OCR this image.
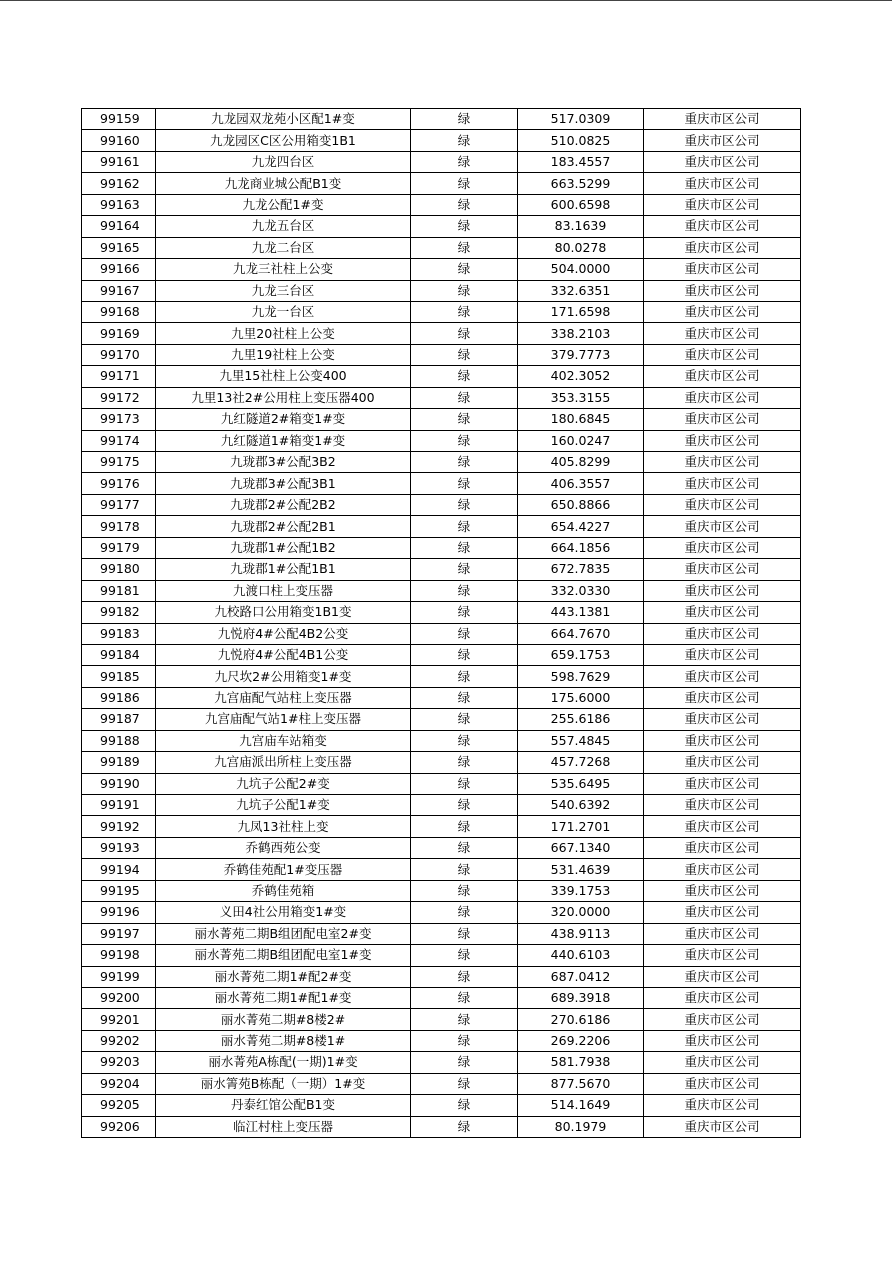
99159	九龙园双龙苑小区配1#变	绿	517.0309	重庆市区公司
99160	九龙园区C区公用箱变1B1	绿	510.0825	重庆市区公司
99161	九龙四台区	绿	183.4557	重庆市区公司
99162	九龙商业城公配B1变	绿	663.5299	重庆市区公司
99163	九龙公配1#变	绿	600.6598	重庆市区公司
99164	九龙五台区	绿	83.1639	重庆市区公司
99165	九龙二台区	绿	80.0278	重庆市区公司
99166	九龙三社柱上公变	绿	504.0000	重庆市区公司
99167	九龙三台区	绿	332.6351	重庆市区公司
99168	九龙一台区	绿	171.6598	重庆市区公司
99169	九里20社柱上公变	绿	338.2103	重庆市区公司
99170	九里19社柱上公变	绿	379.7773	重庆市区公司
99171	九里15社柱上公变400	绿	402.3052	重庆市区公司
99172	九里13社2#公用柱上变压器400	绿	353.3155	重庆市区公司
99173	九红隧道2#箱变1#变	绿	180.6845	重庆市区公司
99174	九红隧道1#箱变1#变	绿	160.0247	重庆市区公司
99175	九珑郡3#公配3B2	绿	405.8299	重庆市区公司
99176	九珑郡3#公配3B1	绿	406.3557	重庆市区公司
99177	九珑郡2#公配2B2	绿	650.8866	重庆市区公司
99178	九珑郡2#公配2B1	绿	654.4227	重庆市区公司
99179	九珑郡1#公配1B2	绿	664.1856	重庆市区公司
99180	九珑郡1#公配1B1	绿	672.7835	重庆市区公司
99181	九渡口柱上变压器	绿	332.0330	重庆市区公司
99182	九校路口公用箱变1B1变	绿	443.1381	重庆市区公司
99183	九悦府4#公配4B2公变	绿	664.7670	重庆市区公司
99184	九悦府4#公配4B1公变	绿	659.1753	重庆市区公司
99185	九尺坎2#公用箱变1#变	绿	598.7629	重庆市区公司
99186	九宫庙配气站柱上变压器	绿	175.6000	重庆市区公司
99187	九宫庙配气站1#柱上变压器	绿	255.6186	重庆市区公司
99188	九宫庙车站箱变	绿	557.4845	重庆市区公司
99189	九宫庙派出所柱上变压器	绿	457.7268	重庆市区公司
99190	九坑子公配2#变	绿	535.6495	重庆市区公司
99191	九坑子公配1#变	绿	540.6392	重庆市区公司
99192	九凤13社柱上变	绿	171.2701	重庆市区公司
99193	乔鹤西苑公变	绿	667.1340	重庆市区公司
99194	乔鹤佳苑配1#变压器	绿	531.4639	重庆市区公司
99195	乔鹤佳苑箱	绿	339.1753	重庆市区公司
99196	义田4社公用箱变1#变	绿	320.0000	重庆市区公司
99197	丽水菁苑二期B组团配电室2#变	绿	438.9113	重庆市区公司
99198	丽水菁苑二期B组团配电室1#变	绿	440.6103	重庆市区公司
99199	丽水菁苑二期1#配2#变	绿	687.0412	重庆市区公司
99200	丽水菁苑二期1#配1#变	绿	689.3918	重庆市区公司
99201	丽水菁苑二期#8楼2#	绿	270.6186	重庆市区公司
99202	丽水菁苑二期#8楼1#	绿	269.2206	重庆市区公司
99203	丽水菁苑A栋配(一期)1#变	绿	581.7938	重庆市区公司
99204	丽水箐苑B栋配（一期）1#变	绿	877.5670	重庆市区公司
99205	丹泰红馆公配B1变	绿	514.1649	重庆市区公司
99206	临江村柱上变压器	绿	80.1979	重庆市区公司
